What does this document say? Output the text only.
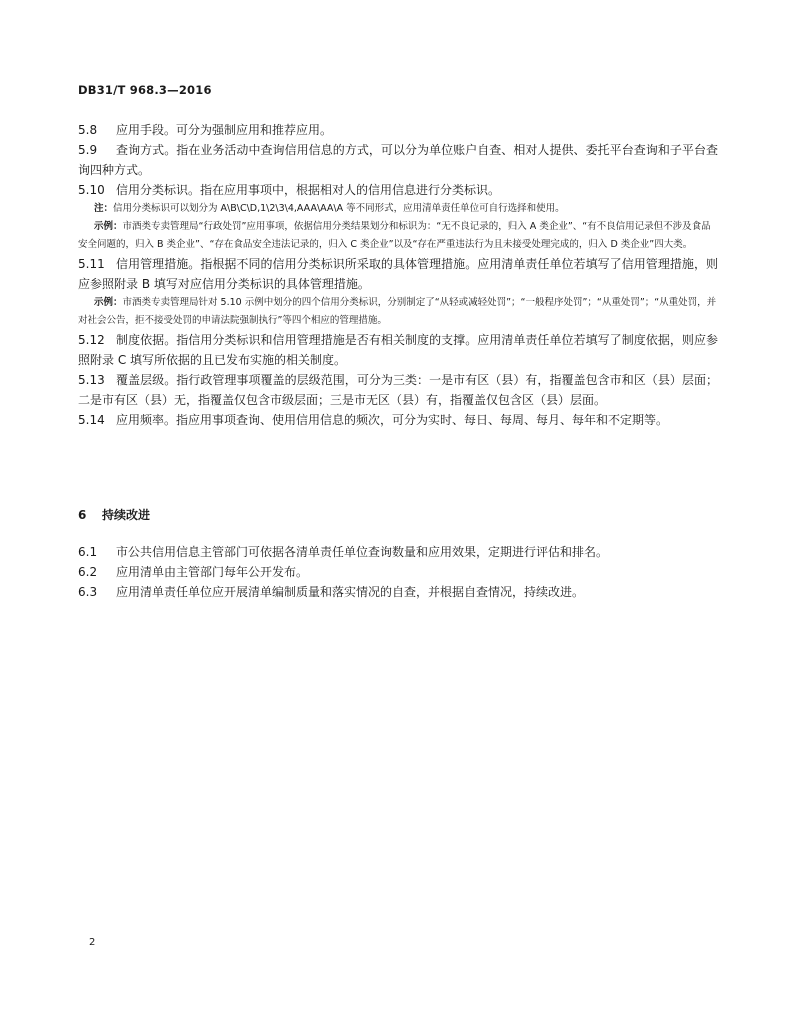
DB31/T 968.3—2016

5.8 应用手段。可分为强制应用和推荐应用。

5.9 查询方式。指在业务活动中查询信用信息的方式，可以分为单位账户自查、相对人提供、委托平台查询和子平台查询四种方式。

5.10 信用分类标识。指在应用事项中，根据相对人的信用信息进行分类标识。

注：信用分类标识可以划分为 A\B\C\D,1\2\3\4,AAA\AA\A 等不同形式，应用清单责任单位可自行选择和使用。

示例：市酒类专卖管理局“行政处罚”应用事项，依据信用分类结果划分和标识为：“无不良记录的，归入 A 类企业”、“有不良信用记录但不涉及食品安全问题的，归入 B 类企业”、“存在食品安全违法记录的，归入 C 类企业”以及“存在严重违法行为且未接受处理完成的，归入 D 类企业”四大类。

5.11 信用管理措施。指根据不同的信用分类标识所采取的具体管理措施。应用清单责任单位若填写了信用管理措施，则应参照附录 B 填写对应信用分类标识的具体管理措施。

示例：市酒类专卖管理局针对 5.10 示例中划分的四个信用分类标识，分别制定了“从轻或减轻处罚”；“一般程序处罚”；“从重处罚”；“从重处罚，并对社会公告，拒不接受处罚的申请法院强制执行”等四个相应的管理措施。

5.12 制度依据。指信用分类标识和信用管理措施是否有相关制度的支撑。应用清单责任单位若填写了制度依据，则应参照附录 C 填写所依据的且已发布实施的相关制度。

5.13 覆盖层级。指行政管理事项覆盖的层级范围，可分为三类：一是市有区（县）有，指覆盖包含市和区（县）层面；二是市有区（县）无，指覆盖仅包含市级层面；三是市无区（县）有，指覆盖仅包含区（县）层面。

5.14 应用频率。指应用事项查询、使用信用信息的频次，可分为实时、每日、每周、每月、每年和不定期等。

6 持续改进

6.1 市公共信用信息主管部门可依据各清单责任单位查询数量和应用效果，定期进行评估和排名。

6.2 应用清单由主管部门每年公开发布。

6.3 应用清单责任单位应开展清单编制质量和落实情况的自查，并根据自查情况，持续改进。

2
